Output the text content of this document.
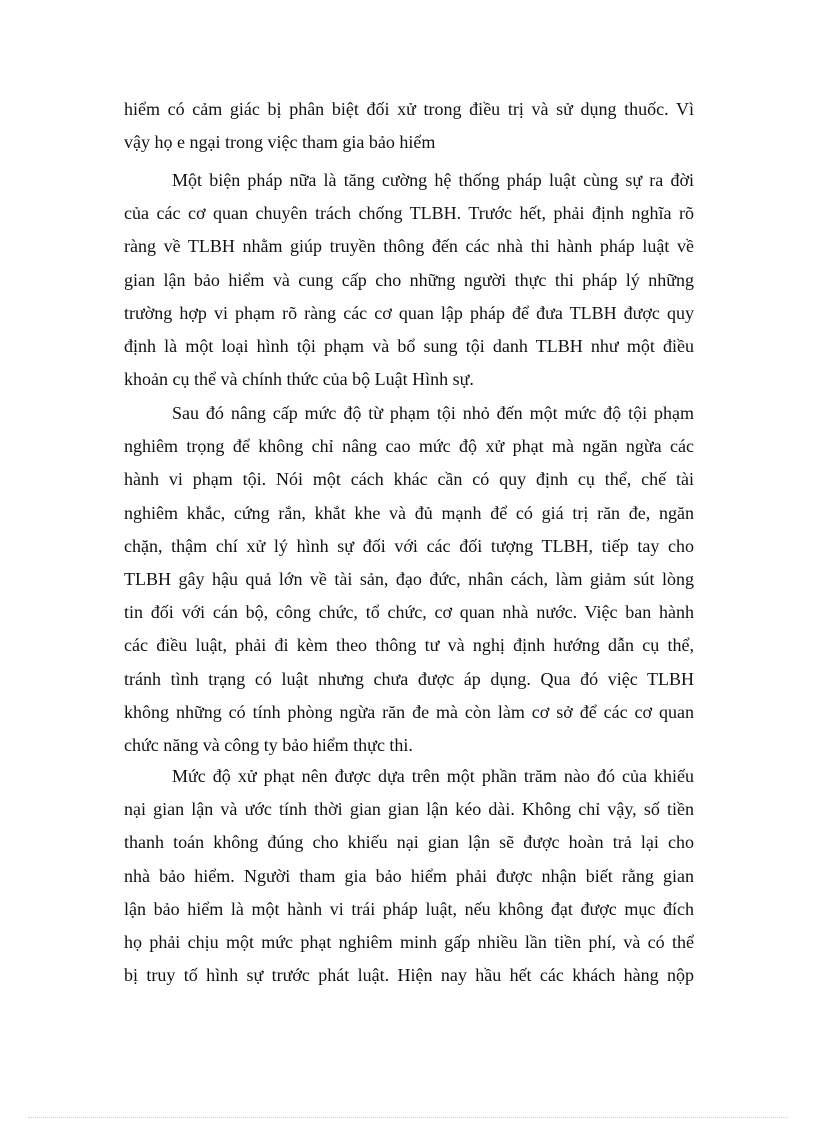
hiểm có cảm giác bị phân biệt đối xử trong điều trị và sử dụng thuốc. Vì
vậy họ e ngại trong việc tham gia bảo hiểm
Một biện pháp nữa là tăng cường hệ thống pháp luật cùng sự ra đời
của các cơ quan chuyên trách chống TLBH. Trước hết, phải định nghĩa rõ
ràng về TLBH nhằm giúp truyền thông đến các nhà thi hành pháp luật về
gian lận bảo hiểm và cung cấp cho những người thực thi pháp lý những
trường hợp vi phạm rõ ràng các cơ quan lập pháp để đưa TLBH được quy
định là một loại hình tội phạm và bổ sung tội danh TLBH như một điều
khoản cụ thể và chính thức của bộ Luật Hình sự.
Sau đó nâng cấp mức độ từ phạm tội nhỏ đến một mức độ tội phạm
nghiêm trọng để không chỉ nâng cao mức độ xử phạt mà ngăn ngừa các
hành vi phạm tội. Nói một cách khác cần có quy định cụ thể, chế tài
nghiêm khắc, cứng rắn, khắt khe và đủ mạnh để có giá trị răn đe, ngăn
chặn, thậm chí xử lý hình sự đối với các đối tượng TLBH, tiếp tay cho
TLBH gây hậu quả lớn về tài sản, đạo đức, nhân cách, làm giảm sút lòng
tin đối với cán bộ, công chức, tổ chức, cơ quan nhà nước. Việc ban hành
các điều luật, phải đi kèm theo thông tư và nghị định hướng dẫn cụ thể,
tránh tình trạng có luật nhưng chưa được áp dụng. Qua đó việc TLBH
không những có tính phòng ngừa răn đe mà còn làm cơ sở để các cơ quan
chức năng và công ty bảo hiểm thực thi.
Mức độ xử phạt nên được dựa trên một phần trăm nào đó của khiếu
nại gian lận và ước tính thời gian gian lận kéo dài. Không chỉ vậy, số tiền
thanh toán không đúng cho khiếu nại gian lận sẽ được hoàn trả lại cho
nhà bảo hiểm. Người tham gia bảo hiểm phải được nhận biết rằng gian
lận bảo hiểm là một hành vi trái pháp luật, nếu không đạt được mục đích
họ phải chịu một mức phạt nghiêm minh gấp nhiều lần tiền phí, và có thể
bị truy tố hình sự trước phát luật. Hiện nay hầu hết các khách hàng nộp
